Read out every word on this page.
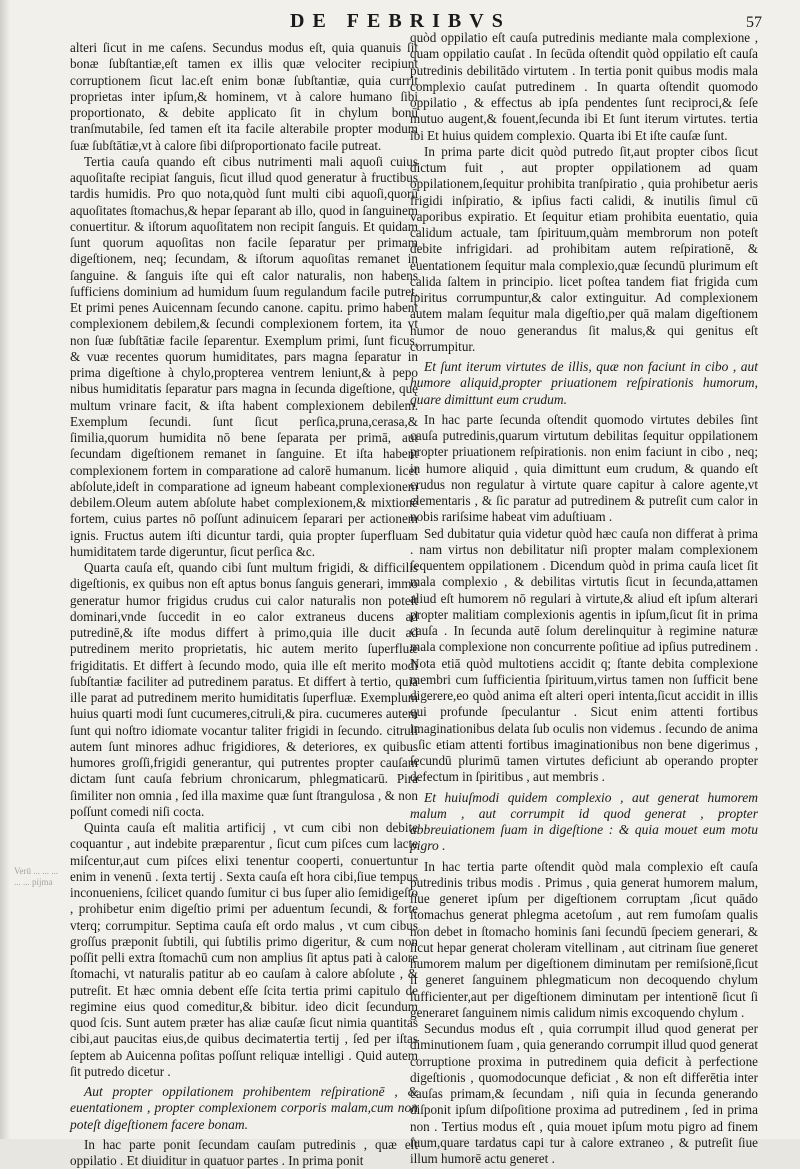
DE FEBRIBVS	57
Verū ... ... ... ... ... pijma

alteri ſicut in me caſens. Secundus modus eſt, quia quanuis ſit bonæ ſubſtantiæ,eſt tamen ex illis quæ velociter recipiunt corruptionem ſicut lac.eſt enim bonæ ſubſtantiæ, quia currit proprietas inter ipſum,& hominem, vt à calore humano ſibi proportionato, & debite applicato ſit in chylum bonū tranſmutabile, ſed tamen eſt ita facile alterabile propter modum ſuæ ſubſtātiæ,vt à calore ſibi diſproportionato facile putreat.

Tertia cauſa quando eſt cibus nutrimenti mali aquoſi cuius aquoſitaſte recipiat ſanguis, ſicut illud quod generatur à fructibus tardis humidis. Pro quo nota,quòd ſunt multi cibi aquoſi,quorū aquoſitates ſtomachus,& hepar ſeparant ab illo, quod in ſanguinem conuertitur. & iſtorum aquoſitatem non recipit ſanguis. Et quidam ſunt quorum aquoſitas non facile ſeparatur per primam digeſtionem, neq; ſecundam, & iſtorum aquoſitas remanet in ſanguine. & ſanguis iſte qui eſt calor naturalis, non habens ſufficiens dominium ad humidum ſuum regulandum facile putret. Et primi penes Auicennam ſecundo canone. capitu. primo habent complexionem debilem,& ſecundi complexionem fortem, ita vt non ſuæ ſubſtātiæ facile ſeparentur. Exemplum primi, ſunt ficus, & vuæ recentes quorum humiditates, pars magna ſeparatur in prima digeſtione à chylo,propterea ventrem leniunt,& à pepo nibus humiditatis ſeparatur pars magna in ſecunda digeſtione, quę multum vrinare facit, & iſta habent complexionem debilem. Exemplum ſecundi. ſunt ſicut perſica,pruna,cerasa,& ſimilia,quorum humidita nō bene ſeparata per primā, aut ſecundam digeſtionem remanet in ſanguine. Et iſta habent complexionem fortem in comparatione ad calorē humanum. licet abſolute,ideſt in comparatione ad igneum habeant complexionem debilem.Oleum autem abſolute habet complexionem,& mixtionē fortem, cuius partes nō poſſunt adinuicem ſeparari per actionem ignis. Fructus autem iſti dicuntur tardi, quia propter ſuperfluam humiditatem tarde digeruntur, ſicut perſica &c.

Quarta cauſa eſt, quando cibi ſunt multum frigidi, & difficilis digeſtionis, ex quibus non eſt aptus bonus ſanguis generari, immo generatur humor frigidus crudus cui calor naturalis non poteſt dominari,vnde ſuccedit in eo calor extraneus ducens ad putredinē,& iſte modus differt à primo,quia ille ducit ad putredinem merito proprietatis, hic autem merito ſuperfluæ frigiditatis. Et differt à ſecundo modo, quia ille eſt merito modi ſubſtantiæ faciliter ad putredinem paratus. Et differt à tertio, quia ille parat ad putredinem merito humiditatis ſuperfluæ. Exemplum huius quarti modi ſunt cucumeres,citruli,& pira. cucumeres autem ſunt qui noſtro idiomate vocantur taliter frigidi in ſecundo. citruli autem ſunt minores adhuc frigidiores, & deteriores, ex quibus humores groſſi,frigidi generantur, qui putrentes propter cauſam dictam ſunt cauſa febrium chronicarum, phlegmaticarū. Pira ſimiliter non omnia , ſed illa maxime quæ ſunt ſtrangulosa , & non poſſunt comedi niſi cocta.

Quinta cauſa eſt malitia artificij , vt cum cibi non debite coquantur , aut indebite præparentur , ſicut cum piſces cum lacte miſcentur,aut cum piſces elixi tenentur cooperti, conuertuntur enim in venenū . ſexta tertij . Sexta cauſa eſt hora cibi,ſiue tempus inconueniens, ſcilicet quando ſumitur ci bus ſuper alio ſemidigeſto , prohibetur enim digeſtio primi per aduentum ſecundi, & forte vterq; corrumpitur. Septima cauſa eſt ordo malus , vt cum cibus groſſus præponit ſubtili, qui ſubtilis primo digeritur, & cum non poſſit pelli extra ſtomachū cum non amplius ſit aptus pati à calore ſtomachi, vt naturalis patitur ab eo cauſam à calore abſolute , & putreſit. Et hæc omnia debent eſſe ſcita tertia primi capitulo de regimine eius quod comeditur,& bibitur. ideo dicit ſecundum quod ſcis. Sunt autem præter has aliæ cauſæ ſicut nimia quantitas cibi,aut paucitas eius,de quibus decimatertia tertij , ſed per iſtas ſeptem ab Auicenna poſitas poſſunt reliquæ intelligi . Quid autem ſit putredo dicetur .

Aut propter oppilationem prohibentem reſpirationē , & euentationem , propter complexionem corporis malam,cum non poteſt digeſtionem facere bonam.

In hac parte ponit ſecundam cauſam putredinis , quæ eſt oppilatio . Et diuiditur in quatuor partes . In prima ponit

quòd oppilatio eſt cauſa putredinis mediante mala complexione , quam oppilatio cauſat . In ſecūda oſtendit quòd oppilatio eſt cauſa putredinis debilitādo virtutem . In tertia ponit quibus modis mala complexio cauſat putredinem . In quarta oſtendit quomodo oppilatio , & effectus ab ipſa pendentes ſunt reciproci,& ſeſe mutuo augent,& fouent,ſecunda ibi Et ſunt iterum virtutes. tertia ibi Et huius quidem complexio. Quarta ibi Et iſte cauſæ ſunt.

In prima parte dicit quòd putredo ſit,aut propter cibos ſicut dictum fuit , aut propter oppilationem ad quam oppilationem,ſequitur prohibita tranſpiratio , quia prohibetur aeris frigidi inſpiratio, & ipſius facti calidi, & inutilis ſimul cū vaporibus expiratio. Et ſequitur etiam prohibita euentatio, quia calidum actuale, tam ſpirituum,quàm membrorum non poteſt debite infrigidari. ad prohibitam autem reſpirationē, & euentationem ſequitur mala complexio,quæ ſecundū plurimum eſt calida ſaltem in principio. licet poſtea tandem fiat frigida cum ſpiritus corrumpuntur,& calor extinguitur. Ad complexionem autem malam ſequitur mala digeſtio,per quā malam digeſtionem humor de nouo generandus ſit malus,& qui genitus eſt corrumpitur.

Et ſunt iterum virtutes de illis, quæ non faciunt in cibo , aut humore aliquid,propter priuationem reſpirationis humorum, quare dimittunt eum crudum.

In hac parte ſecunda oſtendit quomodo virtutes debiles ſint cauſa putredinis,quarum virtutum debilitas ſequitur oppilationem propter priuationem reſpirationis. non enim faciunt in cibo , neq; in humore aliquid , quia dimittunt eum crudum, & quando eſt crudus non regulatur à virtute quare capitur à calore agente,vt elementaris , & ſic paratur ad putredinem & putreſit cum calor in nobis rariſsime habeat vim aduſtiuam .

Sed dubitatur quia videtur quòd hæc cauſa non differat à prima . nam virtus non debilitatur niſi propter malam complexionem ſequentem oppilationem . Dicendum quòd in prima cauſa licet ſit mala complexio , & debilitas virtutis ſicut in ſecunda,attamen aliud eſt humorem nō regulari à virtute,& aliud eſt ipſum alterari propter malitiam complexionis agentis in ipſum,ſicut ſit in prima cauſa . In ſecunda autē ſolum derelinquitur à regimine naturæ mala complexione non concurrente poſitiue ad ipſius putredinem . Nota etiā quòd multotiens accidit q; ſtante debita complexione membri cum ſufficientia ſpirituum,virtus tamen non ſufficit bene digerere,eo quòd anima eſt alteri operi intenta,ſicut accidit in illis qui profunde ſpeculantur . Sicut enim attenti fortibus imaginationibus delata ſub oculis non videmus . ſecundo de anima . ſic etiam attenti fortibus imaginationibus non bene digerimus , ſecundū plurimū tamen virtutes deficiunt ab operando propter defectum in ſpiritibus , aut membris .

Et huiuſmodi quidem complexio , aut generat humorem malum , aut corrumpit id quod generat , propter abbreuiationem ſuam in digeſtione : & quia mouet eum motu pigro .

In hac tertia parte oſtendit quòd mala complexio eſt cauſa putredinis tribus modis . Primus , quia generat humorem malum, ſiue generet ipſum per digeſtionem corruptam ,ſicut quādo ſtomachus generat phlegma acetoſum , aut rem fumoſam qualis non debet in ſtomacho hominis ſani ſecundū ſpeciem generari, & ſicut hepar generat choleram vitellinam , aut citrinam ſiue generet humorem malum per digeſtionem diminutam per remiſsionē,ſicut ſi generet ſanguinem phlegmaticum non decoquendo chylum ſufficienter,aut per digeſtionem diminutam per intentionē ſicut ſi generaret ſanguinem nimis calidum nimis excoquendo chylum .

Secundus modus eſt , quia corrumpit illud quod generat per diminutionem ſuam , quia generando corrumpit illud quod generat corruptione proxima in putredinem quia deficit à perfectione digeſtionis , quomodocunque deficiat , & non eſt differētia inter cauſas primam,& ſecundam , niſi quia in ſecunda generando diſponit ipſum diſpoſitione proxima ad putredinem , ſed in prima non . Tertius modus eſt , quia mouet ipſum motu pigro ad finem ſuum,quare tardatus capi tur à calore extraneo , & putreſit ſiue illum humorē actu generet .
